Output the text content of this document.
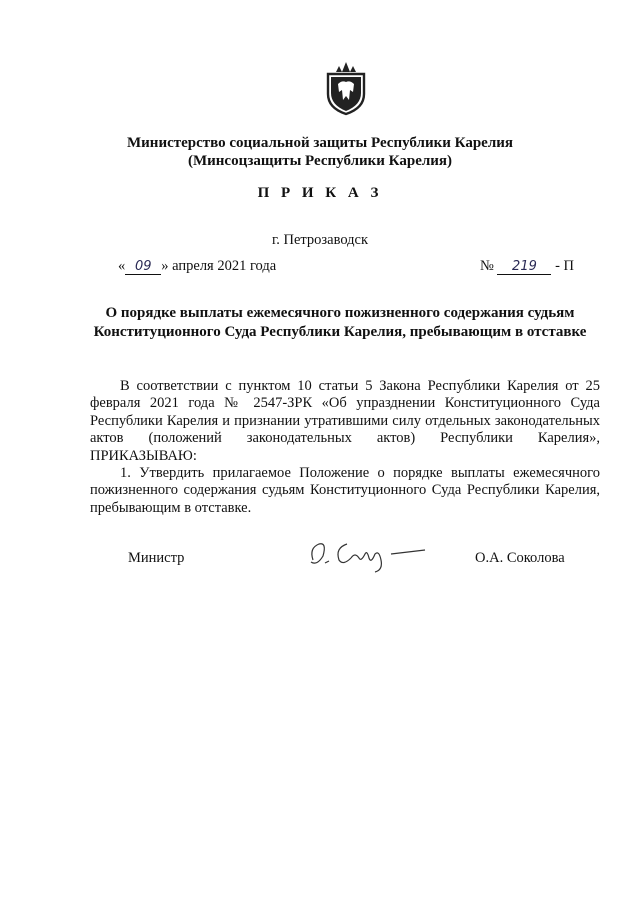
Министерство социальной защиты Республики Карелия
(Минсоцзащиты Республики Карелия)
П Р И К А З
г. Петрозаводск
« 09 » апреля 2021 года	№ 219 - П
О порядке выплаты ежемесячного пожизненного содержания судьям Конституционного Суда Республики Карелия, пребывающим в отставке

В соответствии с пунктом 10 статьи 5 Закона Республики Карелия от 25 февраля 2021 года № 2547-ЗРК «Об упразднении Конституционного Суда Республики Карелия и признании утратившими силу отдельных законодательных актов (положений законодательных актов) Республики Карелия», ПРИКАЗЫВАЮ:

1. Утвердить прилагаемое Положение о порядке выплаты ежемесячного пожизненного содержания судьям Конституционного Суда Республики Карелия, пребывающим в отставке.

Министр	О.А. Соколова
